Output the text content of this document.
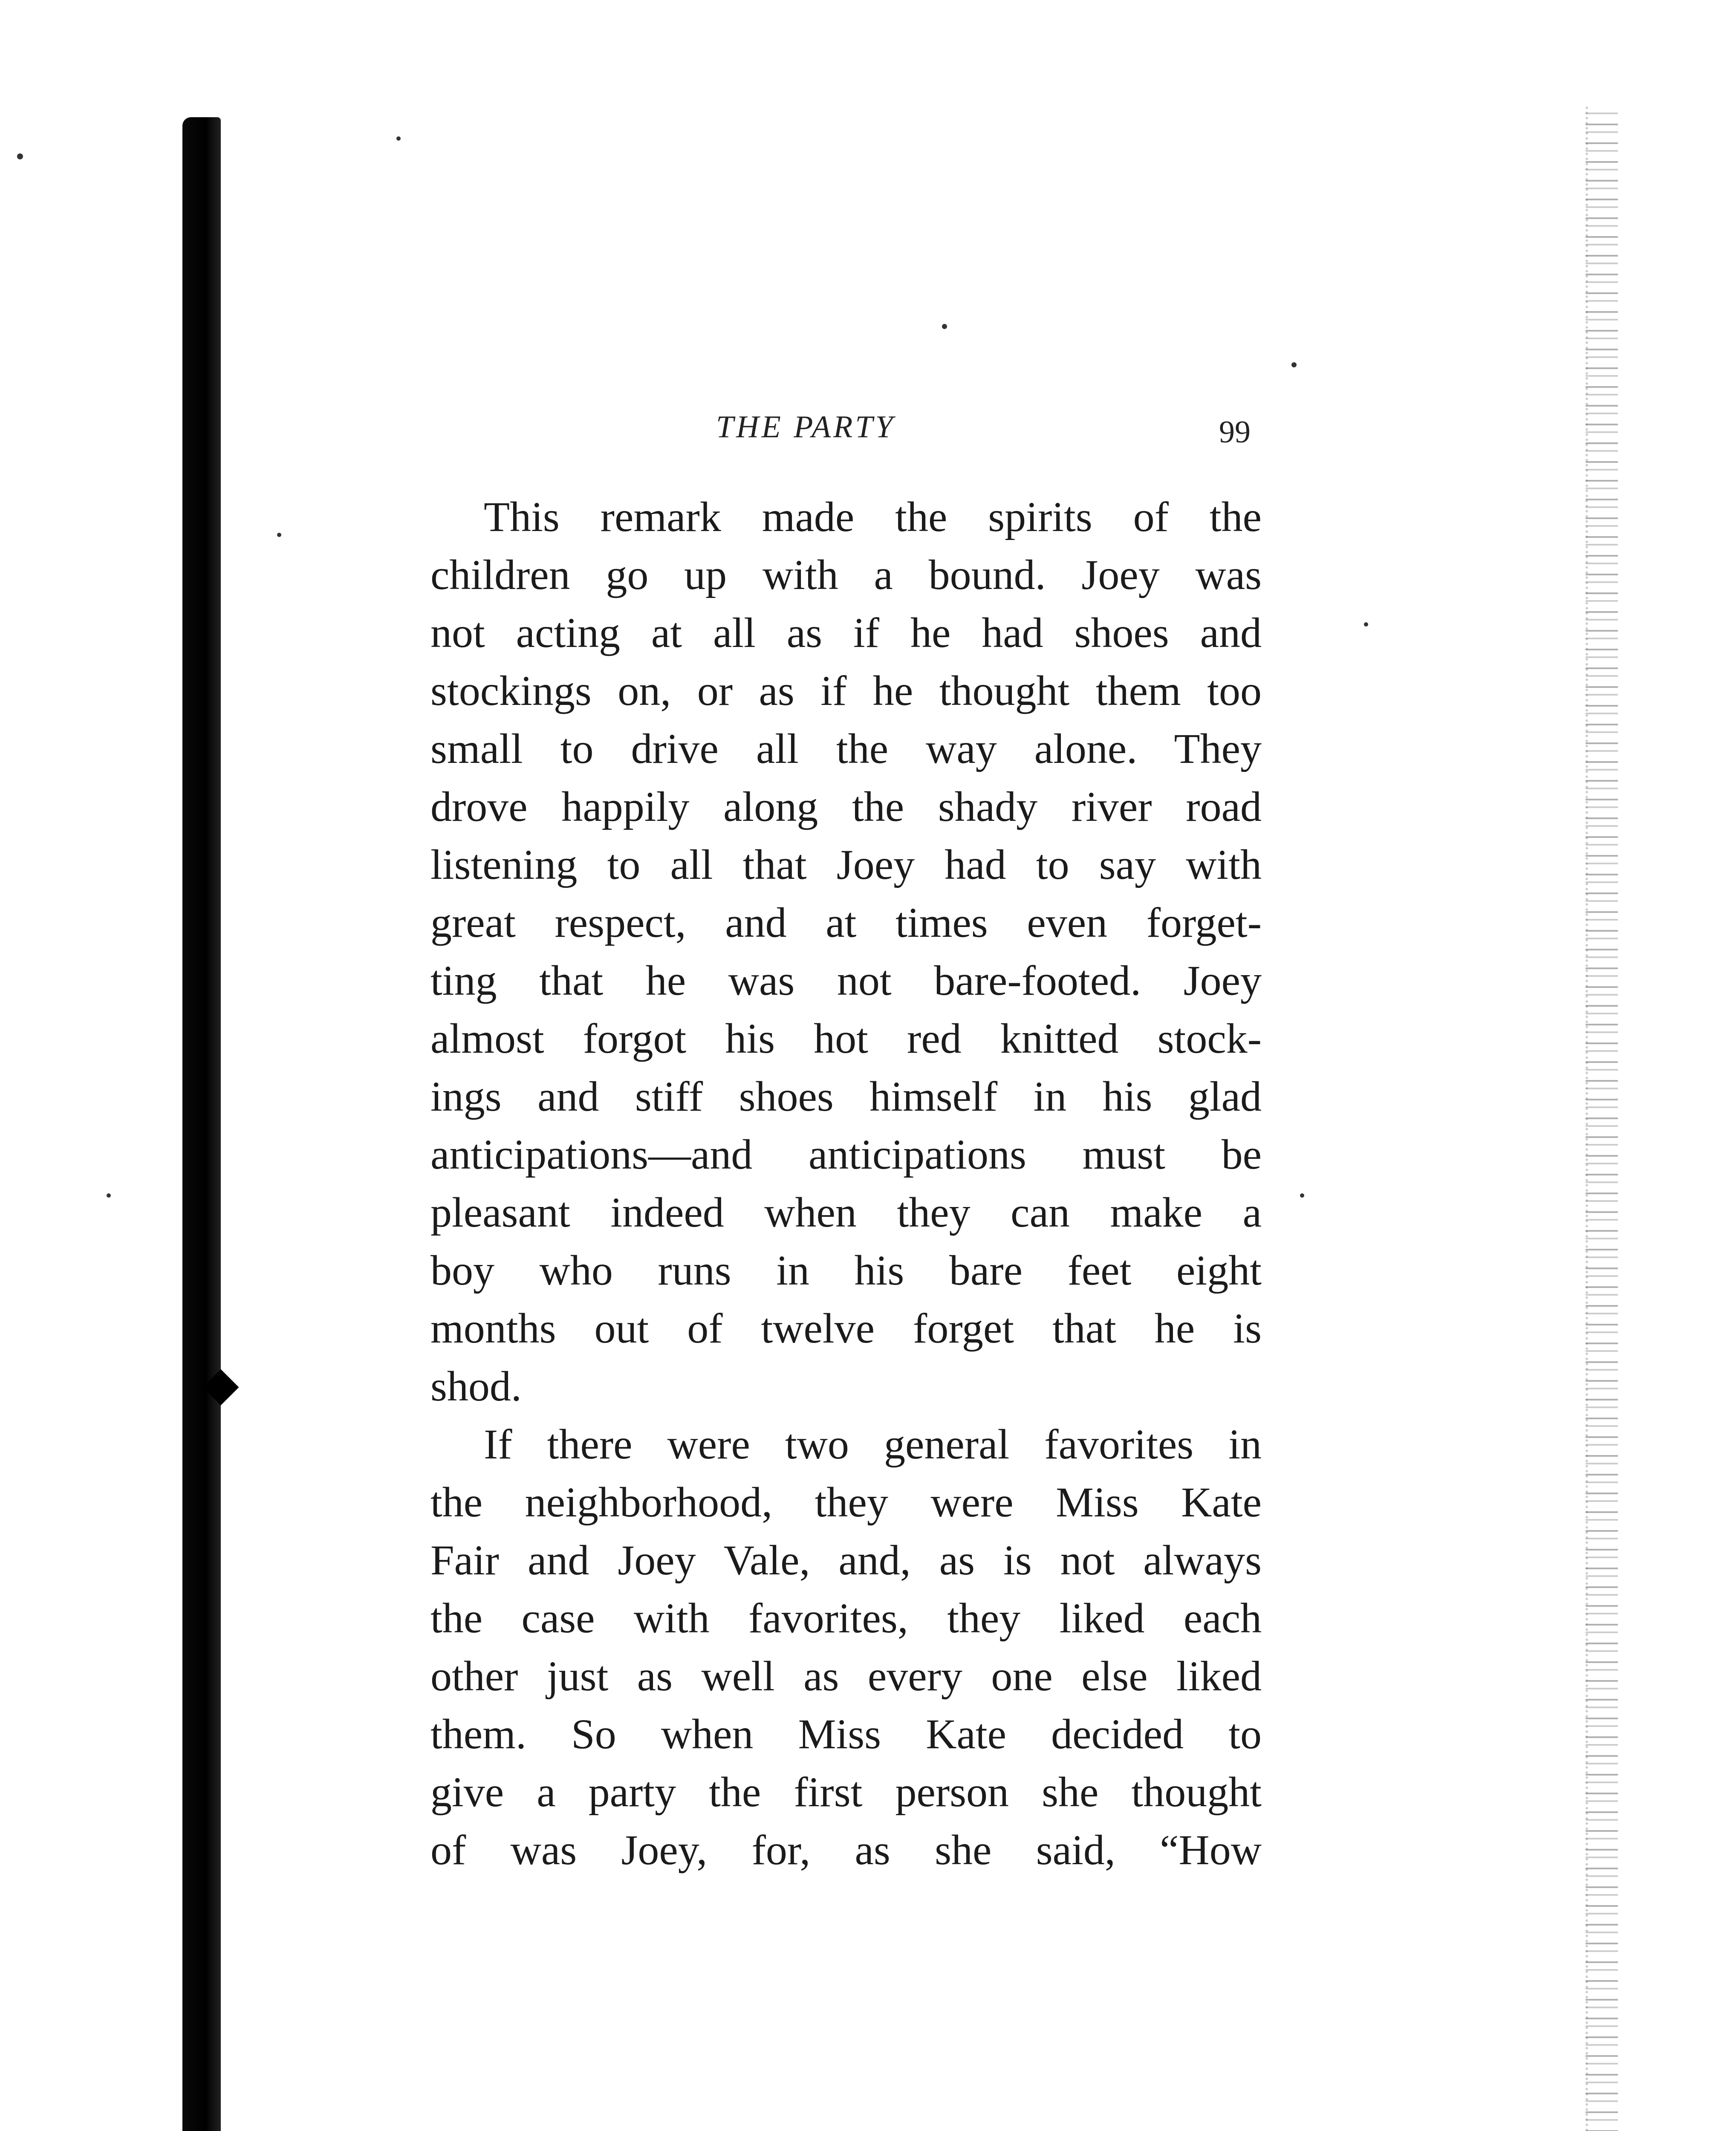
THE PARTY	99
This remark made the spirits of the
children go up with a bound. Joey was
not acting at all as if he had shoes and
stockings on, or as if he thought them too
small to drive all the way alone. They
drove happily along the shady river road
listening to all that Joey had to say with
great respect, and at times even forget-
ting that he was not bare-footed. Joey
almost forgot his hot red knitted stock-
ings and stiff shoes himself in his glad
anticipations—and anticipations must be
pleasant indeed when they can make a
boy who runs in his bare feet eight
months out of twelve forget that he is
shod.
If there were two general favorites in
the neighborhood, they were Miss Kate
Fair and Joey Vale, and, as is not always
the case with favorites, they liked each
other just as well as every one else liked
them. So when Miss Kate decided to
give a party the first person she thought
of was Joey, for, as she said, “How
